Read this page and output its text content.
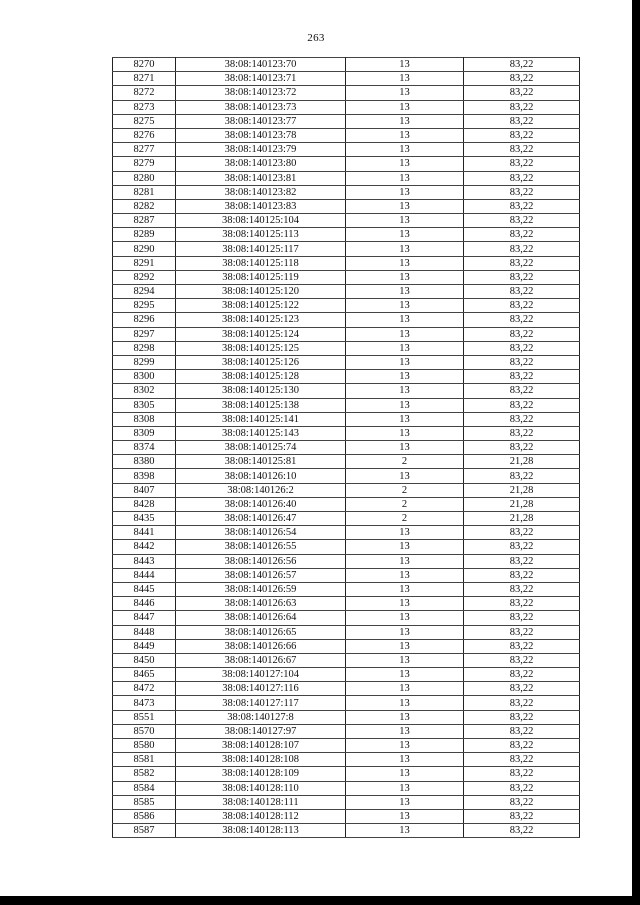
263
8270	38:08:140123:70	13	83,22
8271	38:08:140123:71	13	83,22
8272	38:08:140123:72	13	83,22
8273	38:08:140123:73	13	83,22
8275	38:08:140123:77	13	83,22
8276	38:08:140123:78	13	83,22
8277	38:08:140123:79	13	83,22
8279	38:08:140123:80	13	83,22
8280	38:08:140123:81	13	83,22
8281	38:08:140123:82	13	83,22
8282	38:08:140123:83	13	83,22
8287	38:08:140125:104	13	83,22
8289	38:08:140125:113	13	83,22
8290	38:08:140125:117	13	83,22
8291	38:08:140125:118	13	83,22
8292	38:08:140125:119	13	83,22
8294	38:08:140125:120	13	83,22
8295	38:08:140125:122	13	83,22
8296	38:08:140125:123	13	83,22
8297	38:08:140125:124	13	83,22
8298	38:08:140125:125	13	83,22
8299	38:08:140125:126	13	83,22
8300	38:08:140125:128	13	83,22
8302	38:08:140125:130	13	83,22
8305	38:08:140125:138	13	83,22
8308	38:08:140125:141	13	83,22
8309	38:08:140125:143	13	83,22
8374	38:08:140125:74	13	83,22
8380	38:08:140125:81	2	21,28
8398	38:08:140126:10	13	83,22
8407	38:08:140126:2	2	21,28
8428	38:08:140126:40	2	21,28
8435	38:08:140126:47	2	21,28
8441	38:08:140126:54	13	83,22
8442	38:08:140126:55	13	83,22
8443	38:08:140126:56	13	83,22
8444	38:08:140126:57	13	83,22
8445	38:08:140126:59	13	83,22
8446	38:08:140126:63	13	83,22
8447	38:08:140126:64	13	83,22
8448	38:08:140126:65	13	83,22
8449	38:08:140126:66	13	83,22
8450	38:08:140126:67	13	83,22
8465	38:08:140127:104	13	83,22
8472	38:08:140127:116	13	83,22
8473	38:08:140127:117	13	83,22
8551	38:08:140127:8	13	83,22
8570	38:08:140127:97	13	83,22
8580	38:08:140128:107	13	83,22
8581	38:08:140128:108	13	83,22
8582	38:08:140128:109	13	83,22
8584	38:08:140128:110	13	83,22
8585	38:08:140128:111	13	83,22
8586	38:08:140128:112	13	83,22
8587	38:08:140128:113	13	83,22
